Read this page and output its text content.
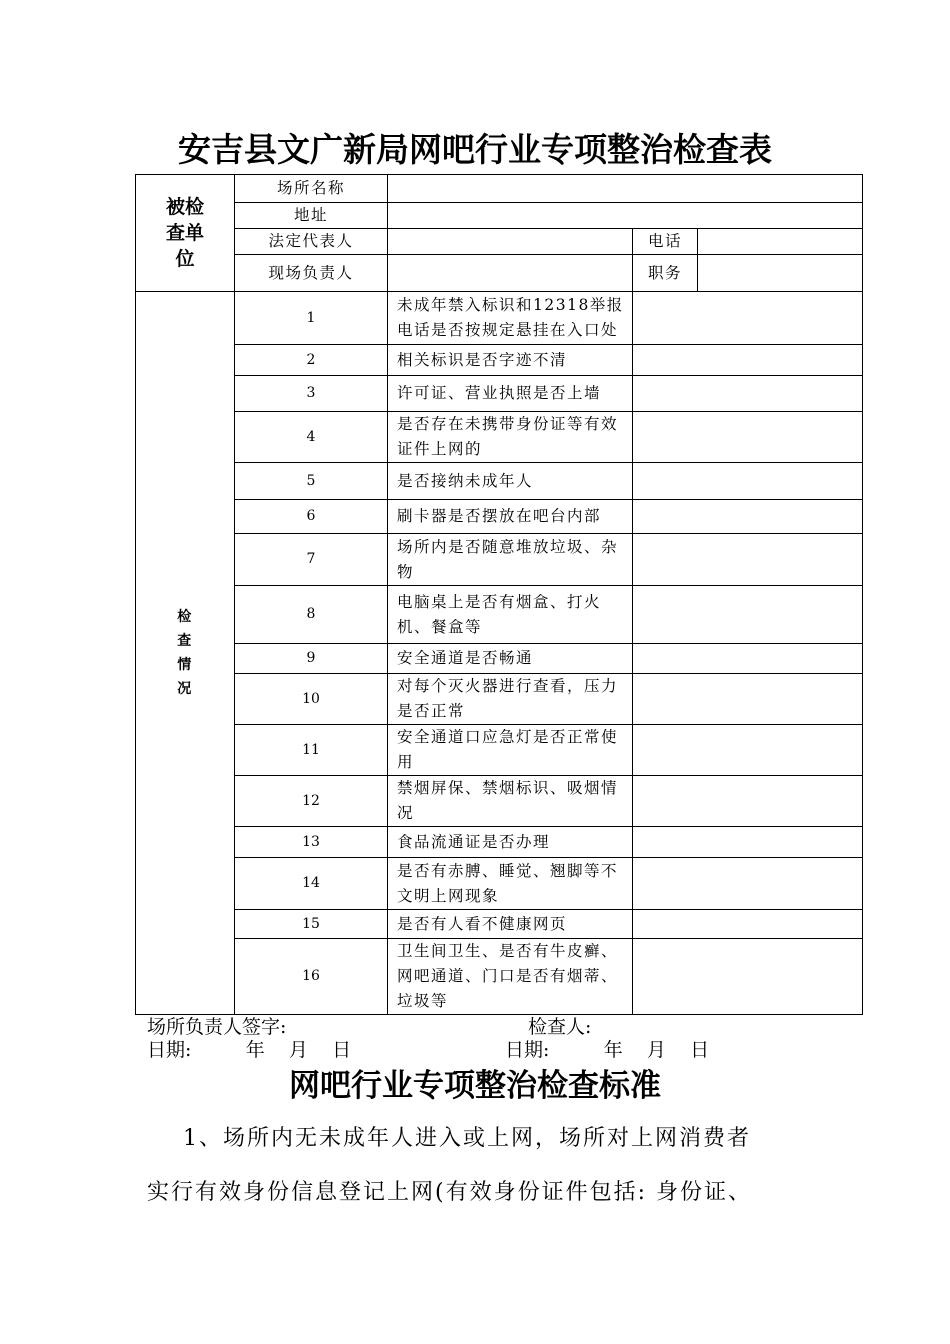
安吉县文广新局网吧行业专项整治检查表
被检查单位	场所名称			
	地址			
	法定代表人		电话	
	现场负责人		职务	
检
查
情
况	1	未成年禁入标识和12318举报电话是否按规定悬挂在入口处		
	2	相关标识是否字迹不清		
	3	许可证、营业执照是否上墙		
	4	是否存在未携带身份证等有效证件上网的		
	5	是否接纳未成年人		
	6	刷卡器是否摆放在吧台内部		
	7	场所内是否随意堆放垃圾、杂物		
	8	电脑桌上是否有烟盒、打火机、餐盒等		
	9	安全通道是否畅通		
	10	对每个灭火器进行查看，压力是否正常		
	11	安全通道口应急灯是否正常使用		
	12	禁烟屏保、禁烟标识、吸烟情况		
	13	食品流通证是否办理		
	14	是否有赤膊、睡觉、翘脚等不文明上网现象		
	15	是否有人看不健康网页		
	16	卫生间卫生、是否有牛皮癣、网吧通道、门口是否有烟蒂、垃圾等		
场所负责人签字:	检查人:
日期:         年    月    日	日期:         年    月    日
网吧行业专项整治检查标准
1、场所内无未成年人进入或上网，场所对上网消费者
实行有效身份信息登记上网(有效身份证件包括: 身份证、
